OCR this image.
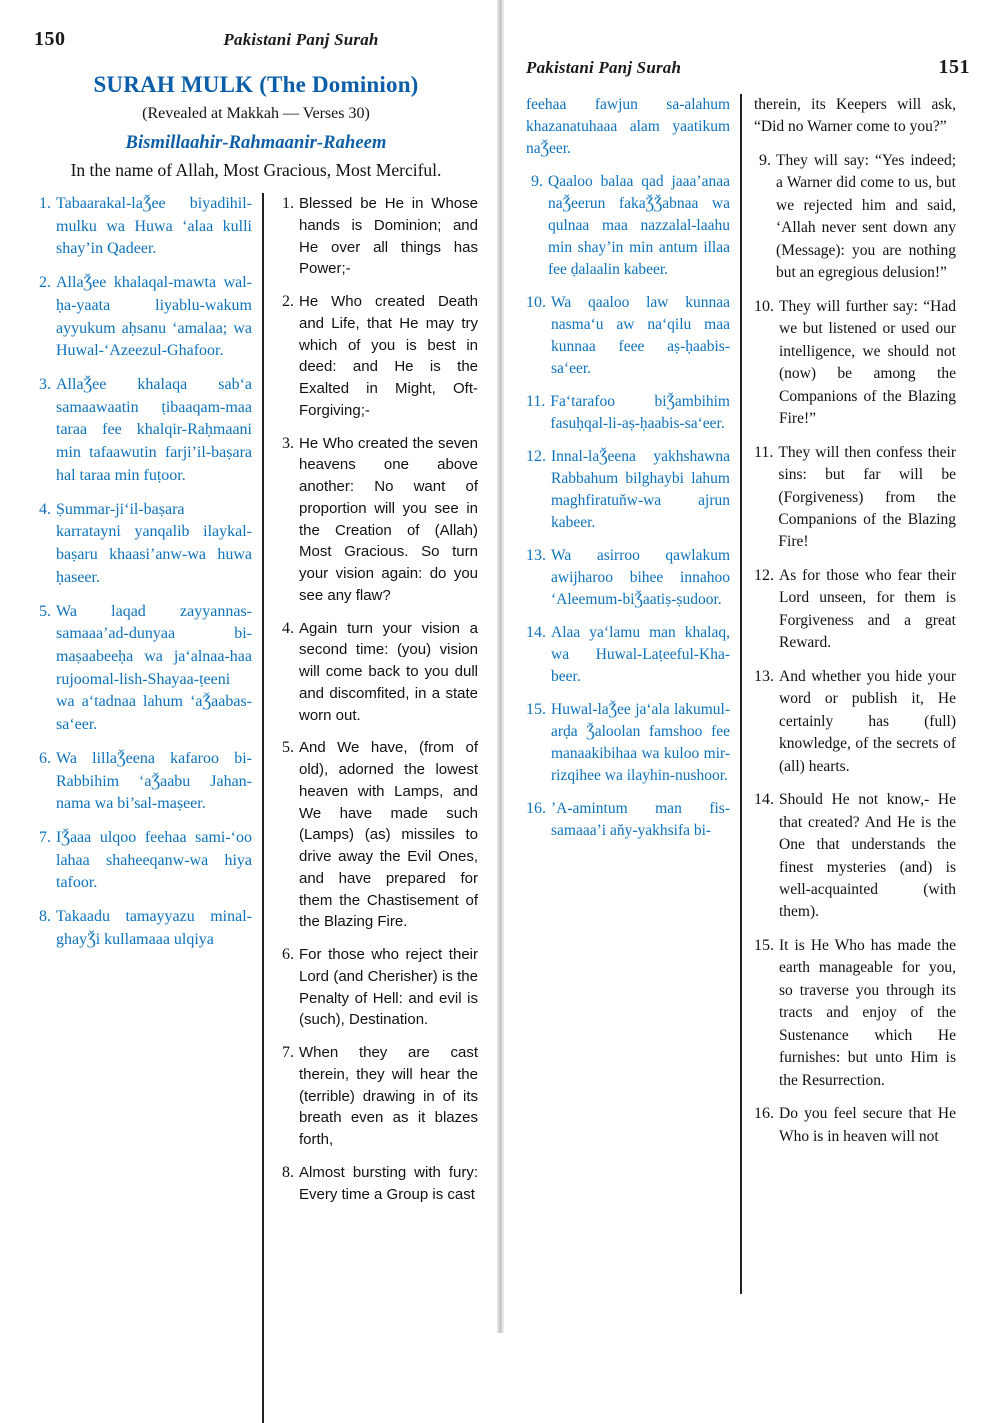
150	Pakistani Panj Surah
SURAH MULK (The Dominion)
(Revealed at Makkah — Verses 30)
Bismillaahir-Rahmaanir-Raheem
In the name of Allah, Most Gracious, Most Merciful.
1. Tabaarakal-laǮee biyadihil-mulku wa Huwa ‘alaa kulli shay’in Qadeer.
2. AllaǮee khalaqal-mawta wal-ḥa-yaata liyablu-wakum ayyukum aḥsanu ‘amalaa; wa Huwal-‘Azeezul-Ghafoor.
3. AllaǮee khalaqa sab‘a samaawaatin ṭibaaqam-maa taraa fee khalqir-Raḥmaani min tafaawutin farji’il-baṣara hal taraa min fuṭoor.
4. Ṣummar-ji‘il-baṣara karratayni yanqalib ilaykal-baṣaru khaasi’anw-wa huwa ḥaseer.
5. Wa laqad zayyannas-samaaa’ad-dunyaa bi-maṣaabeeḥa wa ja‘alnaa-haa rujoomal-lish-Shayaa-ṭeeni wa a‘tadnaa lahum ‘aǮaabas-sa‘eer.
6. Wa lillaǮeena kafaroo bi-Rabbihim ‘aǮaabu Jahan-nama wa bi’sal-maṣeer.
7. IǮaaa ulqoo feehaa sami-‘oo lahaa shaheeqanw-wa hiya tafoor.
8. Takaadu tamayyazu minal-ghayǮi kullamaaa ulqiya
1. Blessed be He in Whose hands is Dominion; and He over all things has Power;-
2. He Who created Death and Life, that He may try which of you is best in deed: and He is the Exalted in Might, Oft-Forgiving;-
3. He Who created the seven heavens one above another: No want of proportion will you see in the Creation of (Allah) Most Gracious. So turn your vision again: do you see any flaw?
4. Again turn your vision a second time: (you) vision will come back to you dull and discomfited, in a state worn out.
5. And We have, (from of old), adorned the lowest heaven with Lamps, and We have made such (Lamps) (as) missiles to drive away the Evil Ones, and have prepared for them the Chastisement of the Blazing Fire.
6. For those who reject their Lord (and Cherisher) is the Penalty of Hell: and evil is (such), Destination.
7. When they are cast therein, they will hear the (terrible) drawing in of its breath even as it blazes forth,
8. Almost bursting with fury: Every time a Group is cast
Pakistani Panj Surah	151
feehaa fawjun sa-alahum khazanatuhaaa alam yaatikum naǮeer.
9. Qaaloo balaa qad jaaa’anaa naǮeerun fakaǮǮabnaa wa qulnaa maa nazzalal-laahu min shay’in min antum illaa fee ḍalaalin kabeer.
10. Wa qaaloo law kunnaa nasma‘u aw na‘qilu maa kunnaa feee aṣ-ḥaabis-sa‘eer.
11. Fa‘tarafoo biǮambihim fasuḥqal-li-aṣ-ḥaabis-sa‘eer.
12. Innal-laǮeena yakhshawna Rabbahum bilghaybi lahum maghfiratuňw-wa ajrun kabeer.
13. Wa asirroo qawlakum awijharoo bihee innahoo ‘Aleemum-biǮaatiṣ-ṣudoor.
14. Alaa ya‘lamu man khalaq, wa Huwal-Laṭeeful-Kha-beer.
15. Huwal-laǮee ja‘ala lakumul-arḍa Ǯaloolan famshoo fee manaakibihaa wa kuloo mir-rizqihee wa ilayhin-nushoor.
16. ’A-amintum man fis-samaaa’i aňy-yakhsifa bi-
therein, its Keepers will ask, “Did no Warner come to you?”
9. They will say: “Yes indeed; a Warner did come to us, but we rejected him and said, ‘Allah never sent down any (Message): you are nothing but an egregious delusion!”
10. They will further say: “Had we but listened or used our intelligence, we should not (now) be among the Companions of the Blazing Fire!”
11. They will then confess their sins: but far will be (Forgiveness) from the Companions of the Blazing Fire!
12. As for those who fear their Lord unseen, for them is Forgiveness and a great Reward.
13. And whether you hide your word or publish it, He certainly has (full) knowledge, of the secrets of (all) hearts.
14. Should He not know,- He that created? And He is the One that understands the finest mysteries (and) is well-acquainted (with them).
15. It is He Who has made the earth manageable for you, so traverse you through its tracts and enjoy of the Sustenance which He furnishes: but unto Him is the Resurrection.
16. Do you feel secure that He Who is in heaven will not
